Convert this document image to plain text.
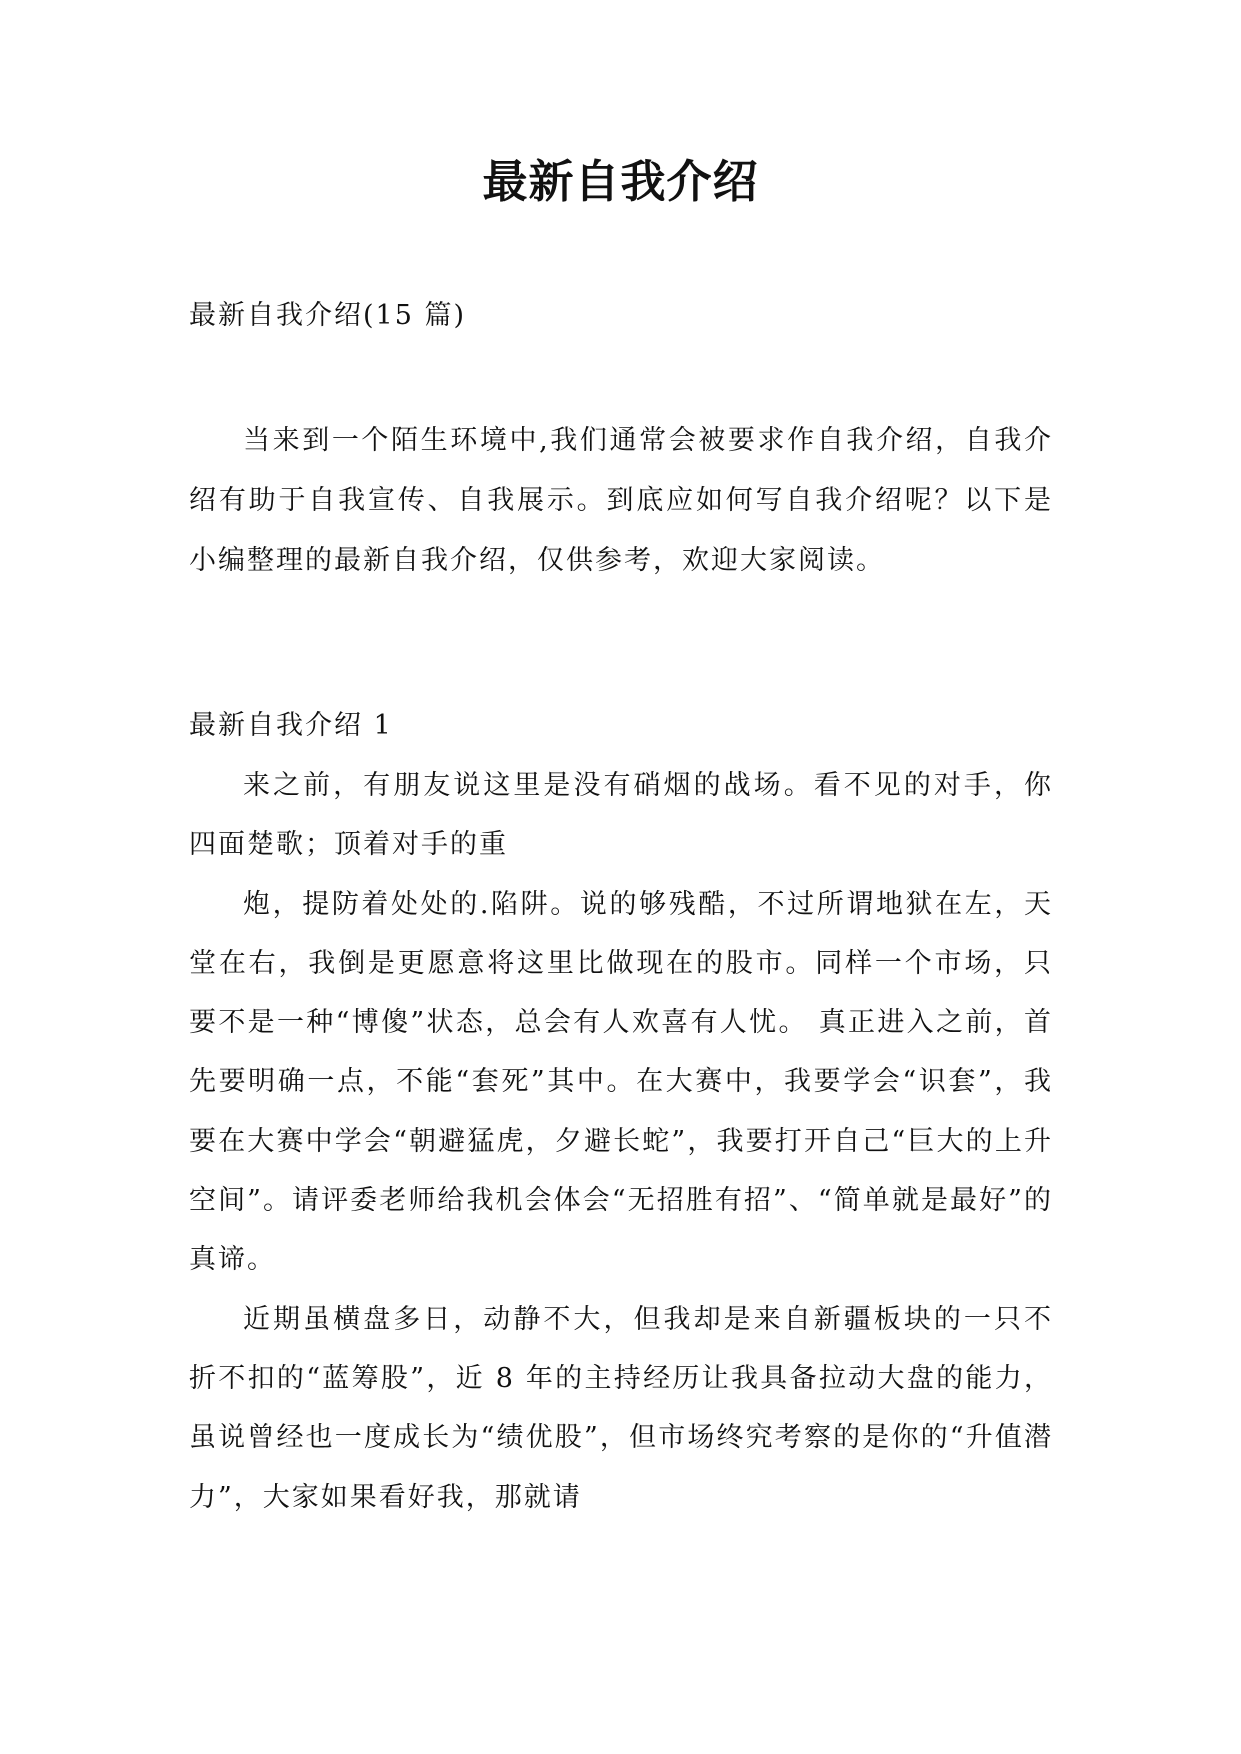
最新自我介绍
最新自我介绍(15 篇)

当来到一个陌生环境中,我们通常会被要求作自我介绍，自我介绍有助于自我宣传、自我展示。到底应如何写自我介绍呢？以下是小编整理的最新自我介绍，仅供参考，欢迎大家阅读。

最新自我介绍 1

来之前，有朋友说这里是没有硝烟的战场。看不见的对手，你四面楚歌；顶着对手的重

炮，提防着处处的.陷阱。说的够残酷，不过所谓地狱在左，天堂在右，我倒是更愿意将这里比做现在的股市。同样一个市场，只要不是一种“博傻”状态，总会有人欢喜有人忧。 真正进入之前，首先要明确一点，不能“套死”其中。在大赛中，我要学会“识套”，我要在大赛中学会“朝避猛虎，夕避长蛇”，我要打开自己“巨大的上升空间”。请评委老师给我机会体会“无招胜有招”、“简单就是最好”的真谛。

近期虽横盘多日，动静不大，但我却是来自新疆板块的一只不折不扣的“蓝筹股”，近 8 年的主持经历让我具备拉动大盘的能力，虽说曾经也一度成长为“绩优股”，但市场终究考察的是你的“升值潜力”，大家如果看好我，那就请
